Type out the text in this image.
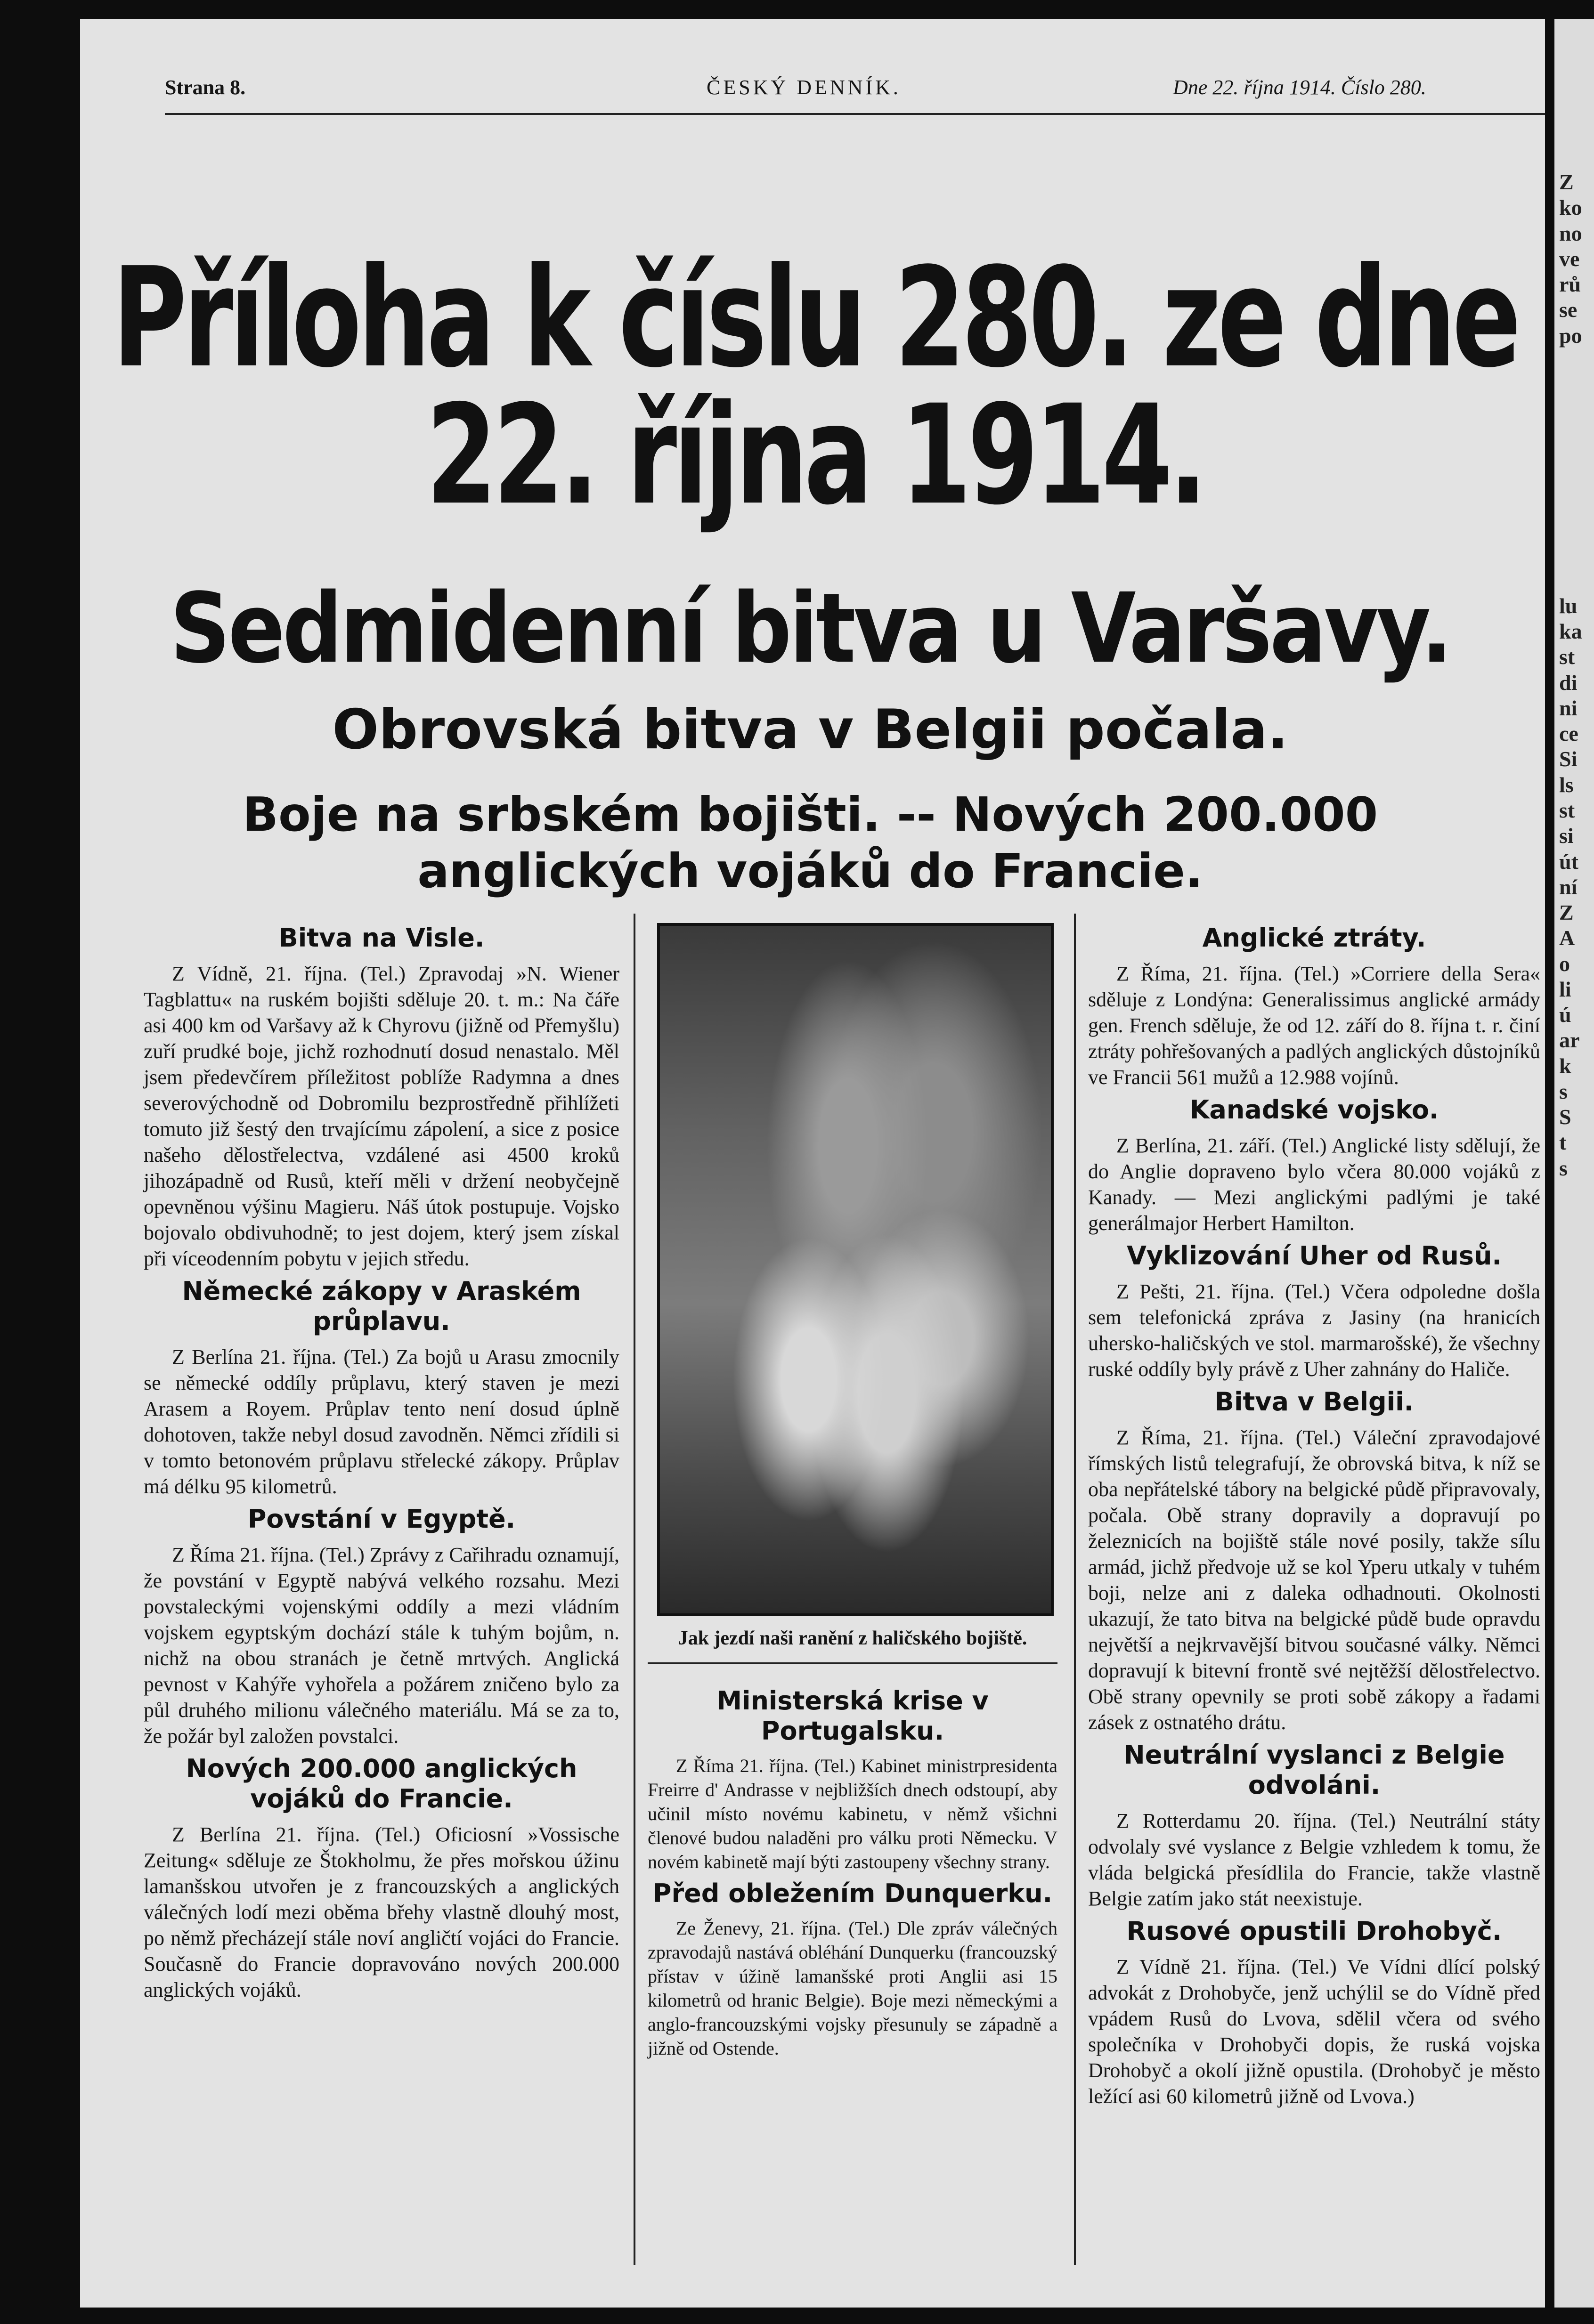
Z
ko
no
ve
rů
se
po
lu
ka
st
di
ni
ce
Si
ls
st
si
út
ní
Z
A
o
li
ú
ar
k
s
S
t
s
Strana 8.	ČESKÝ DENNÍK.	Dne 22. října 1914. Číslo 280.
Příloha k číslu 280. ze dne 22. října 1914.
Sedmidenní bitva u Varšavy.
Obrovská bitva v Belgii počala.
Boje na srbském bojišti. -- Nových 200.000 anglických vojáků do Francie.
Bitva na Visle.

Z Vídně, 21. října. (Tel.) Zpravodaj »N. Wiener Tagblattu« na ruském bojišti sděluje 20. t. m.: Na čáře asi 400 km od Varšavy až k Chyrovu (jižně od Přemyšlu) zuří prudké boje, jichž rozhodnutí dosud nenastalo. Měl jsem předevčírem příležitost poblíže Radymna a dnes severovýchodně od Dobromilu bezprostředně přihlížeti tomuto již šestý den trvajícímu zápolení, a sice z posice našeho dělostřelectva, vzdálené asi 4500 kroků jihozápadně od Rusů, kteří měli v držení neobyčejně opevněnou výšinu Magieru. Náš útok postupuje. Vojsko bojovalo obdivuhodně; to jest dojem, který jsem získal při víceodenním pobytu v jejich středu.

Německé zákopy v Araském průplavu.

Z Berlína 21. října. (Tel.) Za bojů u Arasu zmocnily se německé oddíly průplavu, který staven je mezi Arasem a Royem. Průplav tento není dosud úplně dohotoven, takže nebyl dosud zavodněn. Němci zřídili si v tomto betonovém průplavu střelecké zákopy. Průplav má délku 95 kilometrů.

Povstání v Egyptě.

Z Říma 21. října. (Tel.) Zprávy z Cařihradu oznamují, že povstání v Egyptě nabývá velkého rozsahu. Mezi povstaleckými vojenskými oddíly a mezi vládním vojskem egyptským dochází stále k tuhým bojům, n. nichž na obou stranách je četně mrtvých. Anglická pevnost v Kahýře vyhořela a požárem zničeno bylo za půl druhého milionu válečného materiálu. Má se za to, že požár byl založen povstalci.

Nových 200.000 anglických vojáků do Francie.

Z Berlína 21. října. (Tel.) Oficiosní »Vossische Zeitung« sděluje ze Štokholmu, že přes mořskou úžinu lamanšskou utvořen je z francouzských a anglických válečných lodí mezi oběma břehy vlastně dlouhý most, po němž přecházejí stále noví angličtí vojáci do Francie. Současně do Francie dopravováno nových 200.000 anglických vojáků.

Jak jezdí naši ranění z haličského bojiště.
Ministerská krise v Portugalsku.

Z Říma 21. října. (Tel.) Kabinet ministrpresidenta Freirre d' Andrasse v nejbližších dnech odstoupí, aby učinil místo novému kabinetu, v němž všichni členové budou naladěni pro válku proti Německu. V novém kabinetě mají býti zastoupeny všechny strany.

Před obležením Dunquerku.

Ze Ženevy, 21. října. (Tel.) Dle zpráv válečných zpravodajů nastává obléhání Dunquerku (francouzský přístav v úžině lamanšské proti Anglii asi 15 kilometrů od hranic Belgie). Boje mezi německými a anglo-francouzskými vojsky přesunuly se západně a jižně od Ostende.

Anglické ztráty.

Z Říma, 21. října. (Tel.) »Corriere della Sera« sděluje z Londýna: Generalissimus anglické armády gen. French sděluje, že od 12. září do 8. října t. r. činí ztráty pohřešovaných a padlých anglických důstojníků ve Francii 561 mužů a 12.988 vojínů.

Kanadské vojsko.

Z Berlína, 21. září. (Tel.) Anglické listy sdělují, že do Anglie dopraveno bylo včera 80.000 vojáků z Kanady. — Mezi anglickými padlými je také generálmajor Herbert Hamilton.

Vyklizování Uher od Rusů.

Z Pešti, 21. října. (Tel.) Včera odpoledne došla sem telefonická zpráva z Jasiny (na hranicích uhersko-haličských ve stol. marmarošské), že všechny ruské oddíly byly právě z Uher zahnány do Haliče.

Bitva v Belgii.

Z Říma, 21. října. (Tel.) Váleční zpravodajové římských listů telegrafují, že obrovská bitva, k níž se oba nepřátelské tábory na belgické půdě připravovaly, počala. Obě strany dopravily a dopravují po železnicích na bojiště stále nové posily, takže sílu armád, jichž předvoje už se kol Yperu utkaly v tuhém boji, nelze ani z daleka odhadnouti. Okolnosti ukazují, že tato bitva na belgické půdě bude opravdu největší a nejkrvavější bitvou současné války. Němci dopravují k bitevní frontě své nejtěžší dělostřelectvo. Obě strany opevnily se proti sobě zákopy a řadami zásek z ostnatého drátu.

Neutrální vyslanci z Belgie odvoláni.

Z Rotterdamu 20. října. (Tel.) Neutrální státy odvolaly své vyslance z Belgie vzhledem k tomu, že vláda belgická přesídlila do Francie, takže vlastně Belgie zatím jako stát neexistuje.

Rusové opustili Drohobyč.

Z Vídně 21. října. (Tel.) Ve Vídni dlící polský advokát z Drohobyče, jenž uchýlil se do Vídně před vpádem Rusů do Lvova, sdělil včera od svého společníka v Drohobyči dopis, že ruská vojska Drohobyč a okolí jižně opustila. (Drohobyč je město ležící asi 60 kilometrů jižně od Lvova.)
